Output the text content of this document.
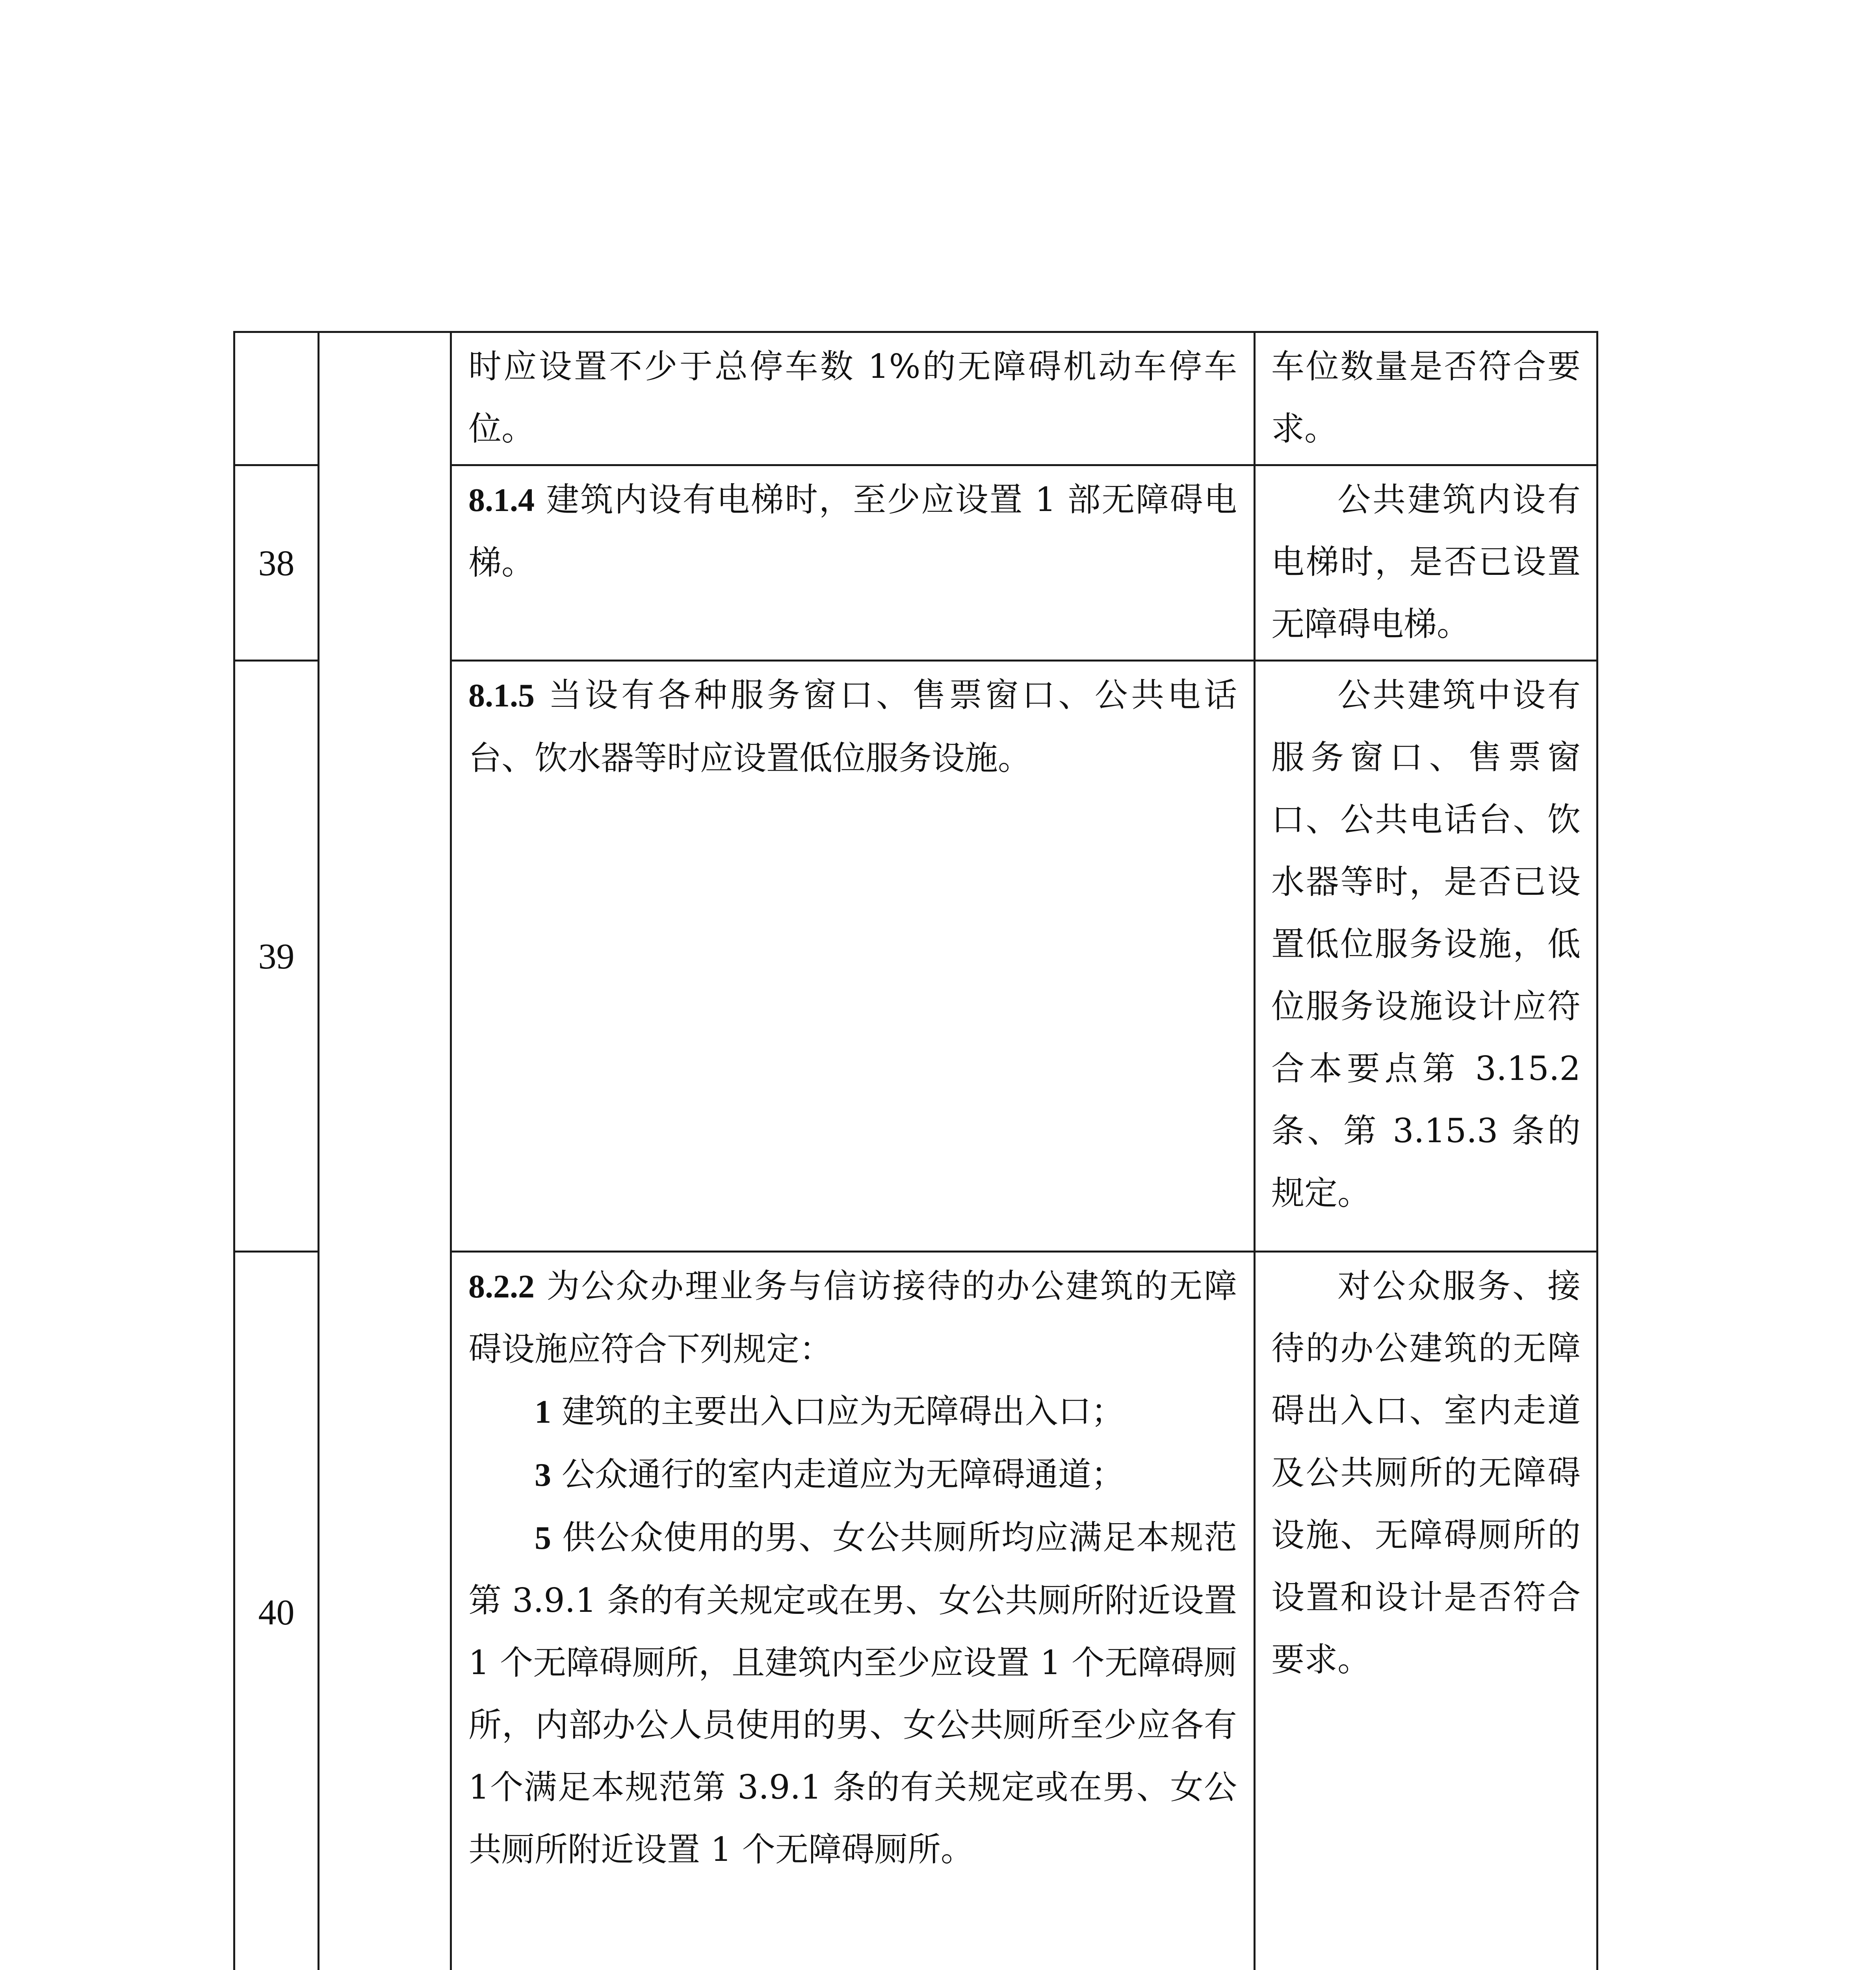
		时应设置不少于总停车数 1%的无障碍机动车停车位。	车位数量是否符合要求。

38		8.1.4 建筑内设有电梯时，至少应设置 1 部无障碍电梯。	公共建筑内设有电梯时，是否已设置无障碍电梯。

39		8.1.5 当设有各种服务窗口、售票窗口、公共电话台、饮水器等时应设置低位服务设施。	公共建筑中设有服务窗口、售票窗口、公共电话台、饮水器等时，是否已设置低位服务设施，低位服务设施设计应符合本要点第 3.15.2 条、第 3.15.3 条的规定。

40		8.2.2 为公众办理业务与信访接待的办公建筑的无障碍设施应符合下列规定：

1 建筑的主要出入口应为无障碍出入口；

3 公众通行的室内走道应为无障碍通道；

5 供公众使用的男、女公共厕所均应满足本规范第 3.9.1 条的有关规定或在男、女公共厕所附近设置 1 个无障碍厕所，且建筑内至少应设置 1 个无障碍厕所，内部办公人员使用的男、女公共厕所至少应各有1个满足本规范第 3.9.1 条的有关规定或在男、女公共厕所附近设置 1 个无障碍厕所。	对公众服务、接待的办公建筑的无障碍出入口、室内走道及公共厕所的无障碍设施、无障碍厕所的设置和设计是否符合要求。
